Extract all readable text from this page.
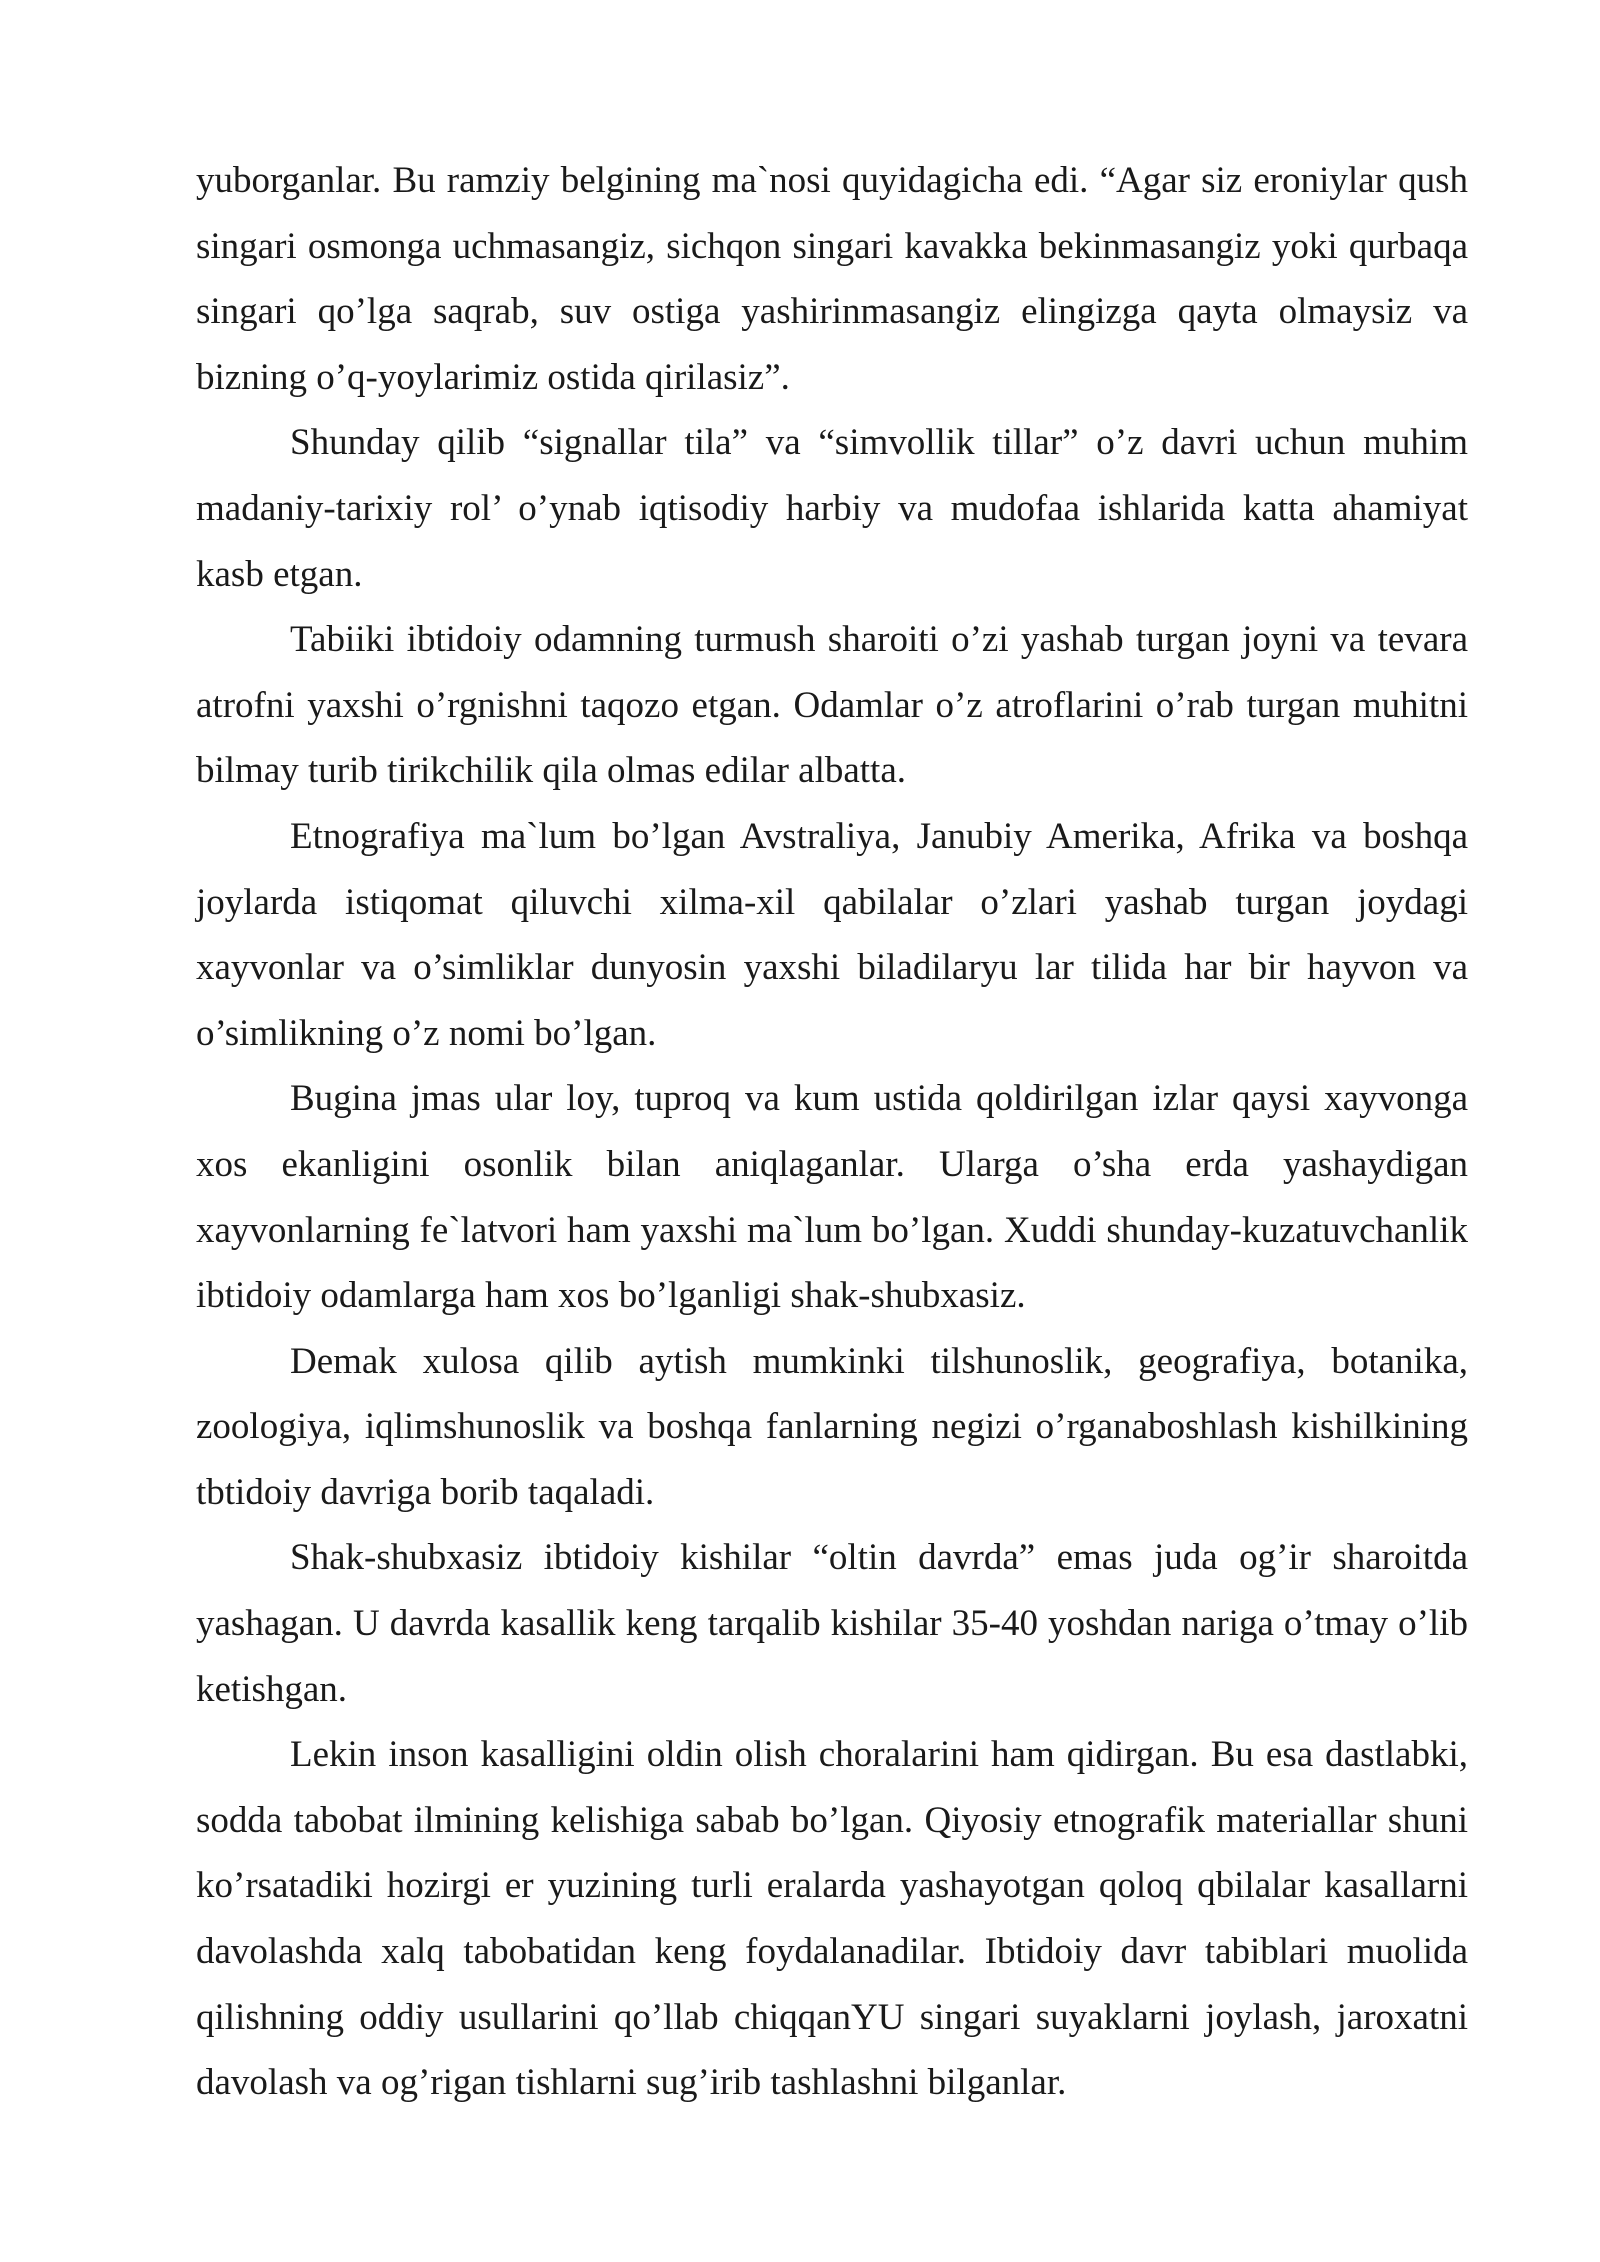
yuborganlar. Bu ramziy belgining ma`nosi quyidagicha edi. “Agar siz eroniylar qush singari osmonga uchmasangiz, sichqon singari kavakka bekinmasangiz yoki qurbaqa singari qo’lga saqrab, suv ostiga yashirinmasangiz elingizga qayta olmaysiz va bizning o’q-yoylarimiz ostida qirilasiz”.

Shunday qilib “signallar tila” va “simvollik tillar” o’z davri uchun muhim madaniy-tarixiy rol’ o’ynab iqtisodiy harbiy va mudofaa ishlarida katta ahamiyat kasb etgan.

Tabiiki ibtidoiy odamning turmush sharoiti o’zi yashab turgan joyni va tevara atrofni yaxshi o’rgnishni taqozo etgan. Odamlar o’z atroflarini o’rab turgan muhitni bilmay turib tirikchilik qila olmas edilar albatta.

Etnografiya ma`lum bo’lgan Avstraliya, Janubiy Amerika, Afrika va boshqa joylarda istiqomat qiluvchi xilma-xil qabilalar o’zlari yashab turgan joydagi xayvonlar va o’simliklar dunyosin yaxshi biladilaryu lar tilida har bir hayvon va o’simlikning o’z nomi bo’lgan.

Bugina jmas ular loy, tuproq va kum ustida qoldirilgan izlar qaysi xayvonga xos ekanligini osonlik bilan aniqlaganlar. Ularga o’sha erda yashaydigan xayvonlarning fe`latvori ham yaxshi ma`lum bo’lgan. Xuddi shunday-kuzatuvchanlik ibtidoiy odamlarga ham xos bo’lganligi shak-shubxasiz.

Demak xulosa qilib aytish mumkinki tilshunoslik, geografiya, botanika, zoologiya, iqlimshunoslik va boshqa fanlarning negizi o’rganaboshlash kishilkining tbtidoiy davriga borib taqaladi.

Shak-shubxasiz ibtidoiy kishilar “oltin davrda” emas juda og’ir sharoitda yashagan. U davrda kasallik keng tarqalib kishilar 35-40 yoshdan nariga o’tmay o’lib ketishgan.

Lekin inson kasalligini oldin olish choralarini ham qidirgan. Bu esa dastlabki, sodda tabobat ilmining kelishiga sabab bo’lgan. Qiyosiy etnografik materiallar shuni ko’rsatadiki hozirgi er yuzining turli eralarda yashayotgan qoloq qbilalar kasallarni davolashda xalq tabobatidan keng foydalanadilar. Ibtidoiy davr tabiblari muolida qilishning oddiy usullarini qo’llab chiqqanYU singari suyaklarni joylash, jaroxatni davolash va og’rigan tishlarni sug’irib tashlashni bilganlar.
